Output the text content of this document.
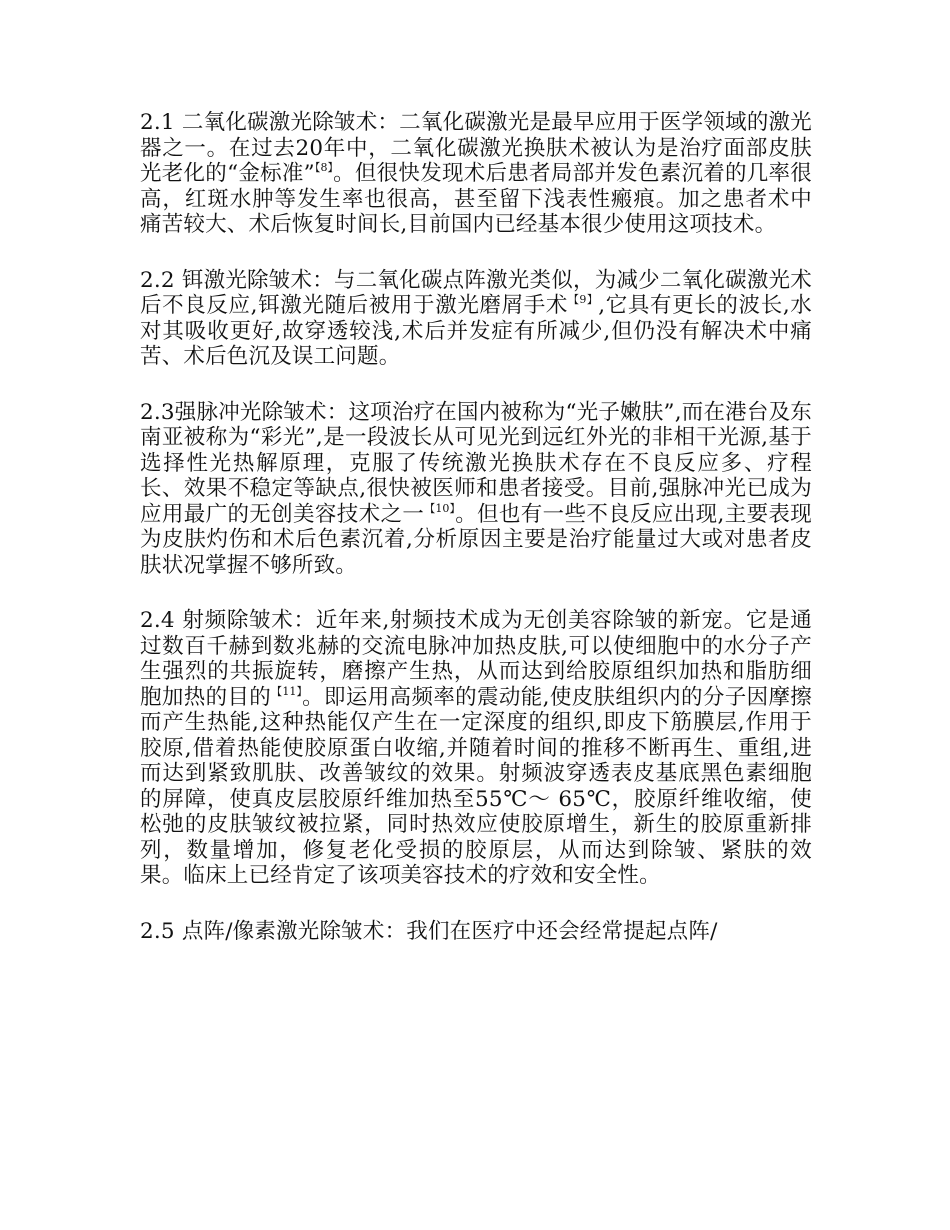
2.1 二氧化碳激光除皱术：二氧化碳激光是最早应用于医学领域的激光器之一。在过去20年中，二氧化碳激光换肤术被认为是治疗面部皮肤光老化的“金标准”$^{【8】}$。但很快发现术后患者局部并发色素沉着的几率很高，红斑水肿等发生率也很高，甚至留下浅表性瘢痕。加之患者术中痛苦较大、术后恢复时间长,目前国内已经基本很少使用这项技术。

2.2 铒激光除皱术：与二氧化碳点阵激光类似，为减少二氧化碳激光术后不良反应,铒激光随后被用于激光磨屑手术$^{【9】}$,它具有更长的波长,水对其吸收更好,故穿透较浅,术后并发症有所减少,但仍没有解决术中痛苦、术后色沉及误工问题。

2.3强脉冲光除皱术：这项治疗在国内被称为“光子嫩肤”,而在港台及东南亚被称为“彩光”,是一段波长从可见光到远红外光的非相干光源,基于选择性光热解原理，克服了传统激光换肤术存在不良反应多、疗程长、效果不稳定等缺点,很快被医师和患者接受。目前,强脉冲光已成为应用最广的无创美容技术之一$^{【10】}$。但也有一些不良反应出现,主要表现为皮肤灼伤和术后色素沉着,分析原因主要是治疗能量过大或对患者皮肤状况掌握不够所致。

2.4 射频除皱术：近年来,射频技术成为无创美容除皱的新宠。它是通过数百千赫到数兆赫的交流电脉冲加热皮肤,可以使细胞中的水分子产生强烈的共振旋转，磨擦产生热，从而达到给胶原组织加热和脂肪细胞加热的目的$^{【11】}$。即运用高频率的震动能,使皮肤组织内的分子因摩擦而产生热能,这种热能仅产生在一定深度的组织,即皮下筋膜层,作用于胶原,借着热能使胶原蛋白收缩,并随着时间的推移不断再生、重组,进而达到紧致肌肤、改善皱纹的效果。射频波穿透表皮基底黑色素细胞的屏障，使真皮层胶原纤维加热至55℃～ 65℃，胶原纤维收缩，使松弛的皮肤皱纹被拉紧，同时热效应使胶原增生，新生的胶原重新排列，数量增加，修复老化受损的胶原层，从而达到除皱、紧肤的效果。临床上已经肯定了该项美容技术的疗效和安全性。

2.5 点阵/像素激光除皱术：我们在医疗中还会经常提起点阵/
